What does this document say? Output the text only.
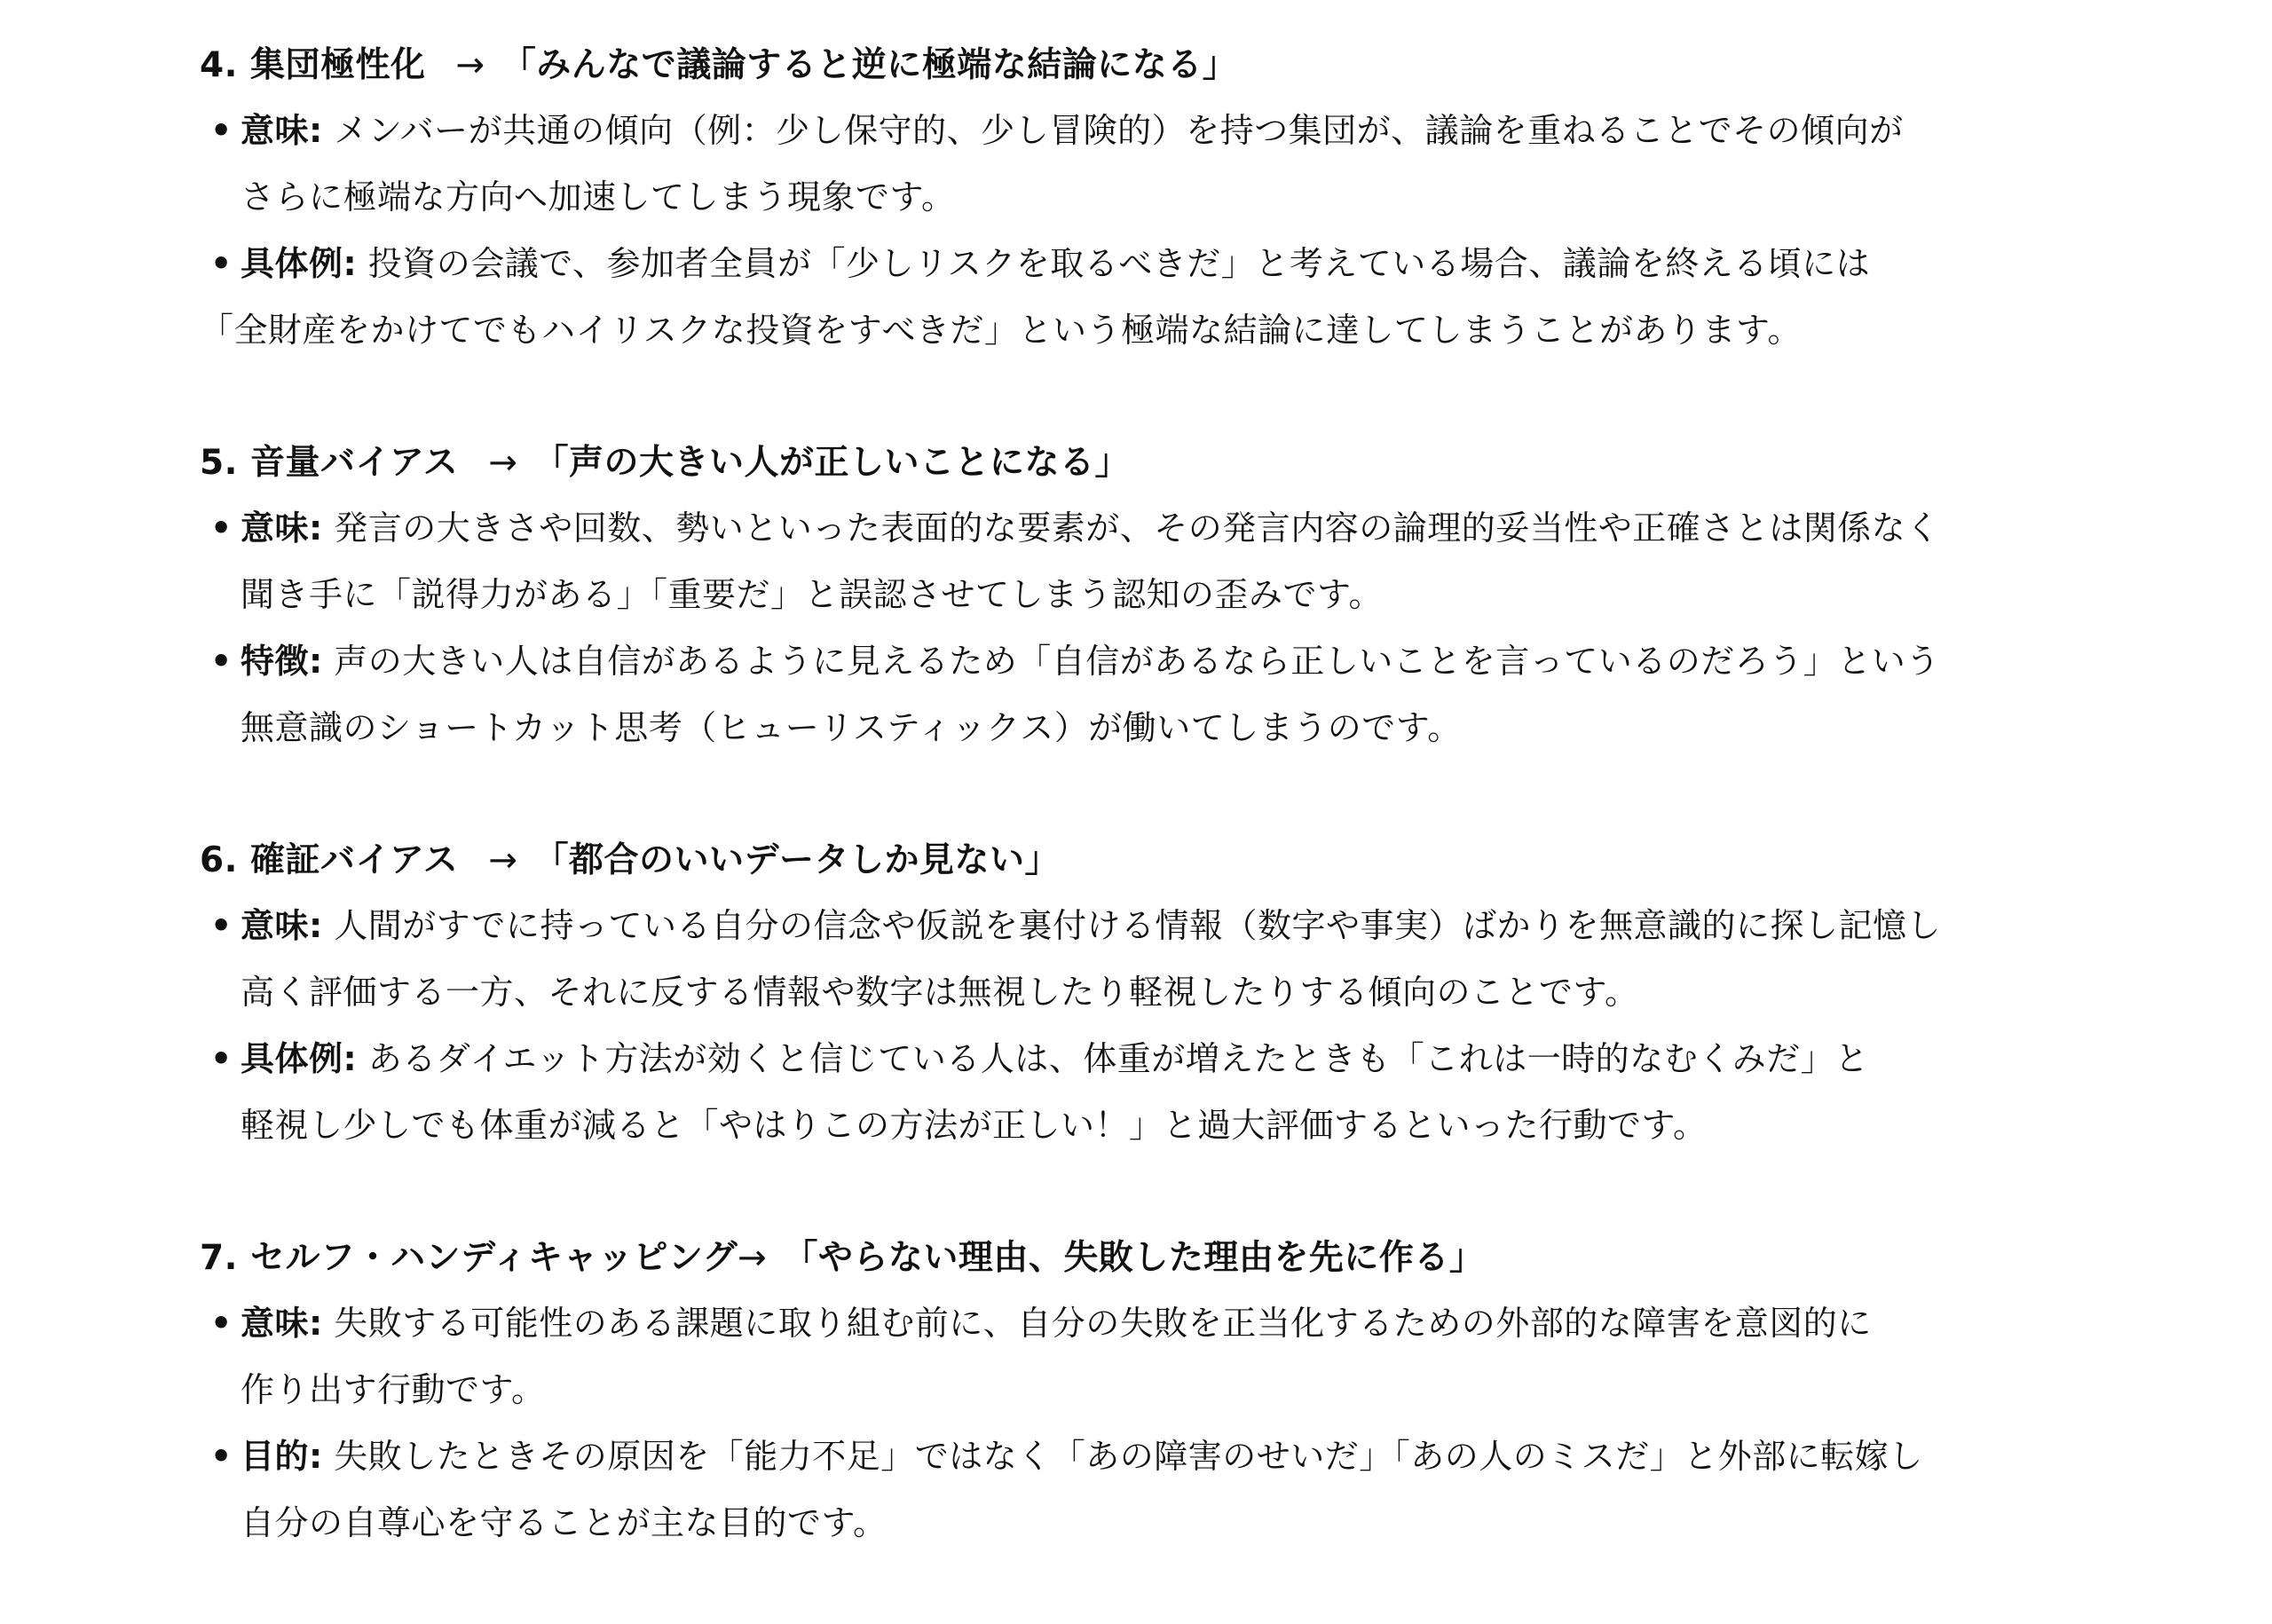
4. 集団極性化 → 「みんなで議論すると逆に極端な結論になる」
• 意味: メンバーが共通の傾向（例：少し保守的、少し冒険的）を持つ集団が、議論を重ねることでその傾向が
さらに極端な方向へ加速してしまう現象です。
• 具体例: 投資の会議で、参加者全員が「少しリスクを取るべきだ」と考えている場合、議論を終える頃には
「全財産をかけてでもハイリスクな投資をすべきだ」という極端な結論に達してしまうことがあります。
5. 音量バイアス → 「声の大きい人が正しいことになる」
• 意味: 発言の大きさや回数、勢いといった表面的な要素が、その発言内容の論理的妥当性や正確さとは関係なく
聞き手に「説得力がある」「重要だ」と誤認させてしまう認知の歪みです。
• 特徴: 声の大きい人は自信があるように見えるため「自信があるなら正しいことを言っているのだろう」という
無意識のショートカット思考（ヒューリスティックス）が働いてしまうのです。
6. 確証バイアス → 「都合のいいデータしか見ない」
• 意味: 人間がすでに持っている自分の信念や仮説を裏付ける情報（数字や事実）ばかりを無意識的に探し記憶し
高く評価する一方、それに反する情報や数字は無視したり軽視したりする傾向のことです。
• 具体例: あるダイエット方法が効くと信じている人は、体重が増えたときも「これは一時的なむくみだ」と
軽視し少しでも体重が減ると「やはりこの方法が正しい！」と過大評価するといった行動です。
7. セルフ・ハンディキャッピング→ 「やらない理由、失敗した理由を先に作る」
• 意味: 失敗する可能性のある課題に取り組む前に、自分の失敗を正当化するための外部的な障害を意図的に
作り出す行動です。
• 目的: 失敗したときその原因を「能力不足」ではなく「あの障害のせいだ」「あの人のミスだ」と外部に転嫁し
自分の自尊心を守ることが主な目的です。
